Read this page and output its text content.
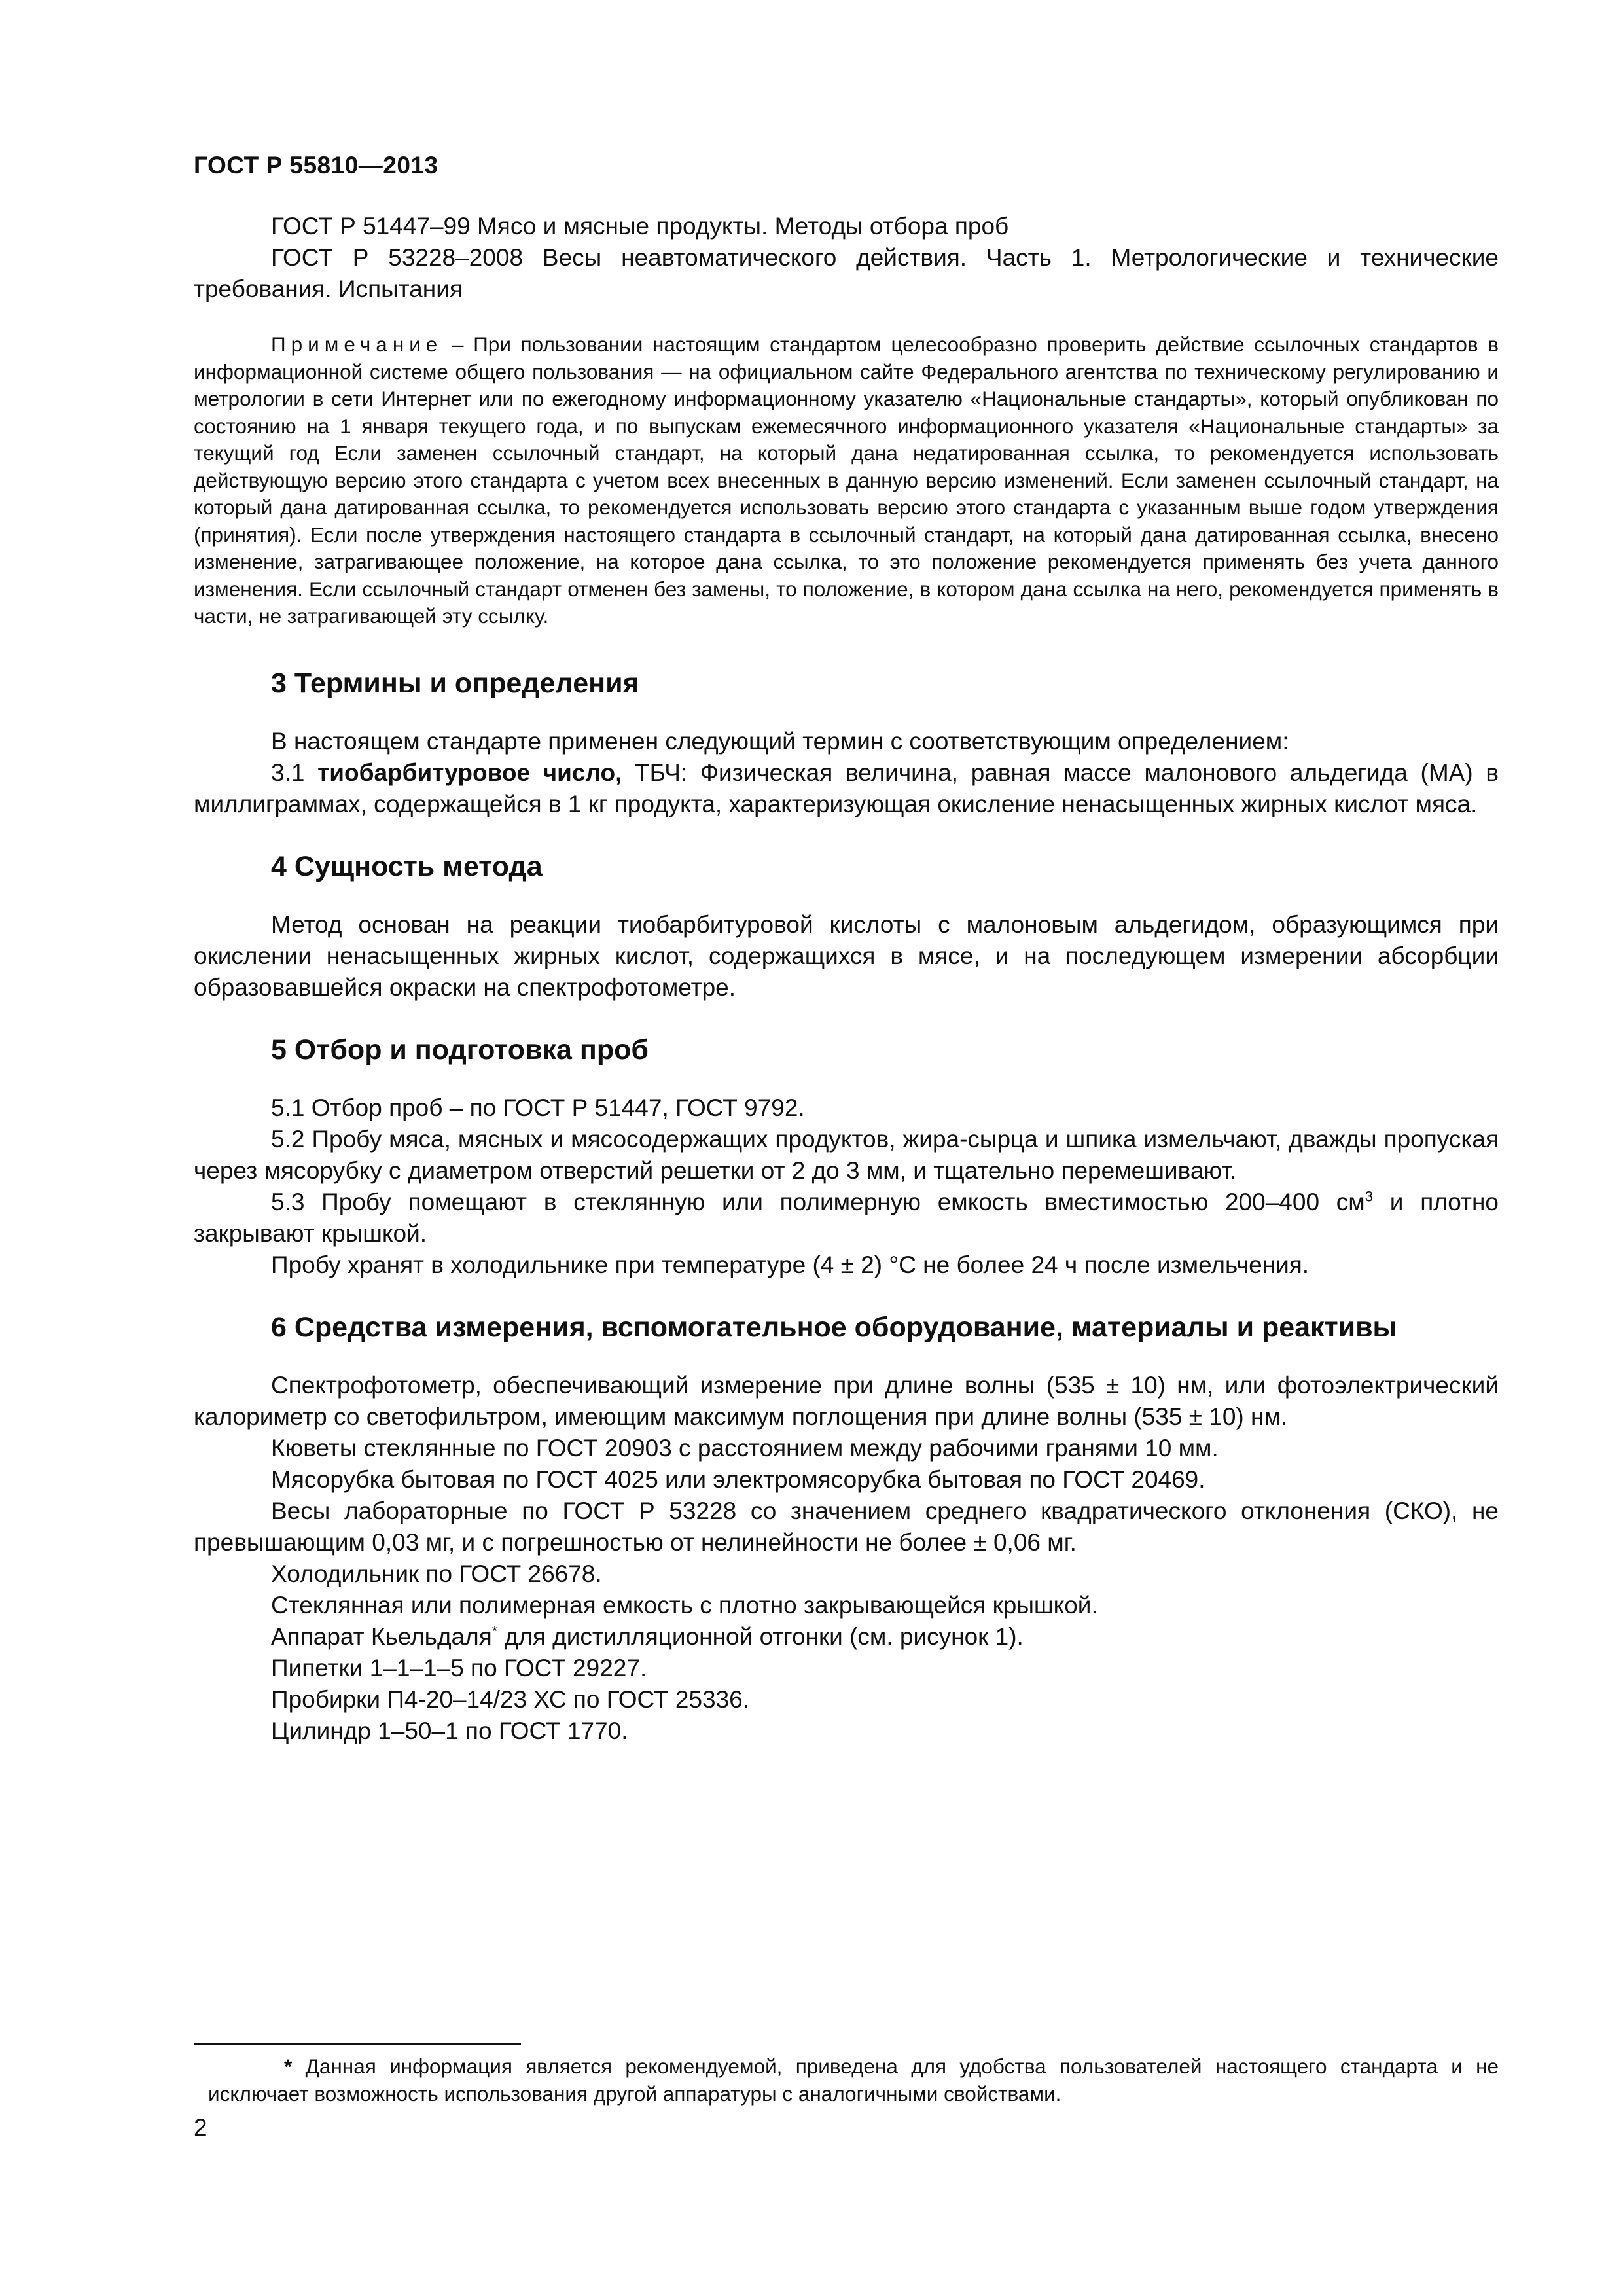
ГОСТ Р 55810—2013

ГОСТ Р 51447–99 Мясо и мясные продукты. Методы отбора проб

ГОСТ Р 53228–2008 Весы неавтоматического действия. Часть 1. Метрологические и технические требования. Испытания

Примечание – При пользовании настоящим стандартом целесообразно проверить действие ссылочных стандартов в информационной системе общего пользования — на официальном сайте Федерального агентства по техническому регулированию и метрологии в сети Интернет или по ежегодному информационному указателю «Национальные стандарты», который опубликован по состоянию на 1 января текущего года, и по выпускам ежемесячного информационного указателя «Национальные стандарты» за текущий год Если заменен ссылочный стандарт, на который дана недатированная ссылка, то рекомендуется использовать действующую версию этого стандарта с учетом всех внесенных в данную версию изменений. Если заменен ссылочный стандарт, на который дана датированная ссылка, то рекомендуется использовать версию этого стандарта с указанным выше годом утверждения (принятия). Если после утверждения настоящего стандарта в ссылочный стандарт, на который дана датированная ссылка, внесено изменение, затрагивающее положение, на которое дана ссылка, то это положение рекомендуется применять без учета данного изменения. Если ссылочный стандарт отменен без замены, то положение, в котором дана ссылка на него, рекомендуется применять в части, не затрагивающей эту ссылку.

3 Термины и определения

В настоящем стандарте применен следующий термин с соответствующим определением:

3.1 тиобарбитуровое число, ТБЧ: Физическая величина, равная массе малонового альдегида (МА) в миллиграммах, содержащейся в 1 кг продукта, характеризующая окисление ненасыщенных жирных кислот мяса.

4 Сущность метода

Метод основан на реакции тиобарбитуровой кислоты с малоновым альдегидом, образующимся при окислении ненасыщенных жирных кислот, содержащихся в мясе, и на последующем измерении абсорбции образовавшейся окраски на спектрофотометре.

5 Отбор и подготовка проб

5.1 Отбор проб – по ГОСТ Р 51447, ГОСТ 9792.

5.2 Пробу мяса, мясных и мясосодержащих продуктов, жира-сырца и шпика измельчают, дважды пропуская через мясорубку с диаметром отверстий решетки от 2 до 3 мм, и тщательно перемешивают.

5.3 Пробу помещают в стеклянную или полимерную емкость вместимостью 200–400 $см^3$ и плотно закрывают крышкой.

Пробу хранят в холодильнике при температуре (4 ± 2) °С не более 24 ч после измельчения.

6 Средства измерения, вспомогательное оборудование, материалы и реактивы

Спектрофотометр, обеспечивающий измерение при длине волны (535 ± 10) нм, или фотоэлектрический калориметр со светофильтром, имеющим максимум поглощения при длине волны (535 ± 10) нм.

Кюветы стеклянные по ГОСТ 20903 с расстоянием между рабочими гранями 10 мм.

Мясорубка бытовая по ГОСТ 4025 или электромясорубка бытовая по ГОСТ 20469.

Весы лабораторные по ГОСТ Р 53228 со значением среднего квадратического отклонения (СКО), не превышающим 0,03 мг, и с погрешностью от нелинейности не более ± 0,06 мг.

Холодильник по ГОСТ 26678.

Стеклянная или полимерная емкость с плотно закрывающейся крышкой.

Аппарат Кьельдаля* для дистилляционной отгонки (см. рисунок 1).

Пипетки 1–1–1–5 по ГОСТ 29227.

Пробирки П4-20–14/23 ХС по ГОСТ 25336.

Цилиндр 1–50–1 по ГОСТ 1770.

* Данная информация является рекомендуемой, приведена для удобства пользователей настоящего стандарта и не исключает возможность использования другой аппаратуры с аналогичными свойствами.

2
